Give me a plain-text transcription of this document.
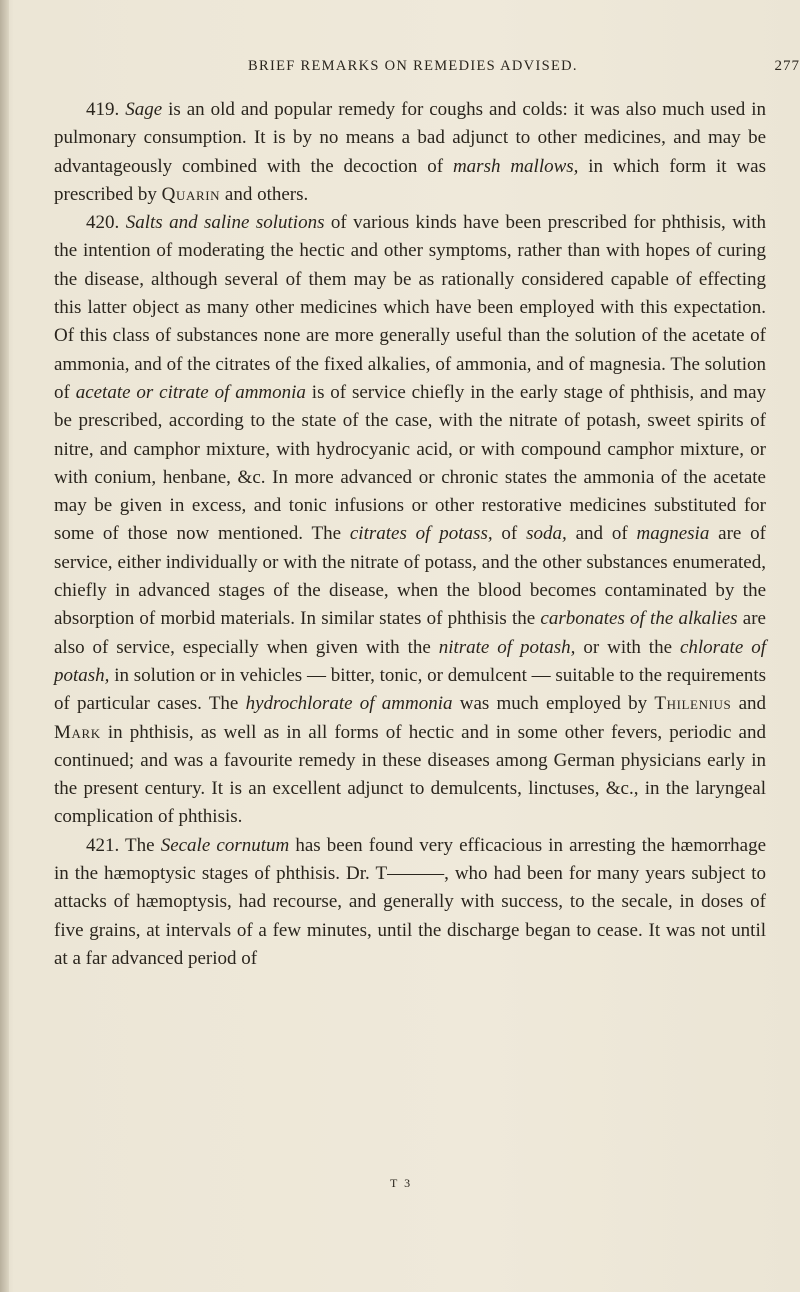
BRIEF REMARKS ON REMEDIES ADVISED.	277

419. Sage is an old and popular remedy for coughs and colds: it was also much used in pulmonary consumption. It is by no means a bad adjunct to other medicines, and may be advantageously combined with the decoction of marsh mallows, in which form it was prescribed by Quarin and others.

420. Salts and saline solutions of various kinds have been prescribed for phthisis, with the intention of moderating the hectic and other symptoms, rather than with hopes of curing the disease, although several of them may be as rationally considered capable of effecting this latter object as many other medicines which have been employed with this expectation. Of this class of substances none are more generally useful than the solution of the acetate of ammonia, and of the citrates of the fixed alkalies, of ammonia, and of magnesia. The solution of acetate or citrate of ammonia is of service chiefly in the early stage of phthisis, and may be prescribed, according to the state of the case, with the nitrate of potash, sweet spirits of nitre, and camphor mixture, with hydrocyanic acid, or with compound camphor mixture, or with conium, henbane, &c. In more advanced or chronic states the ammonia of the acetate may be given in excess, and tonic infusions or other restorative medicines substituted for some of those now mentioned. The citrates of potass, of soda, and of magnesia are of service, either individually or with the nitrate of potass, and the other substances enumerated, chiefly in advanced stages of the disease, when the blood becomes contaminated by the absorption of morbid materials. In similar states of phthisis the carbonates of the alkalies are also of service, especially when given with the nitrate of potash, or with the chlorate of potash, in solution or in vehicles — bitter, tonic, or demulcent — suitable to the requirements of particular cases. The hydrochlorate of ammonia was much employed by Thilenius and Mark in phthisis, as well as in all forms of hectic and in some other fevers, periodic and continued; and was a favourite remedy in these diseases among German physicians early in the present century. It is an excellent adjunct to demulcents, linctuses, &c., in the laryngeal complication of phthisis.

421. The Secale cornutum has been found very efficacious in arresting the hæmorrhage in the hæmoptysic stages of phthisis. Dr. T———, who had been for many years subject to attacks of hæmoptysis, had recourse, and generally with success, to the secale, in doses of five grains, at intervals of a few minutes, until the discharge began to cease. It was not until at a far advanced period of

T 3
